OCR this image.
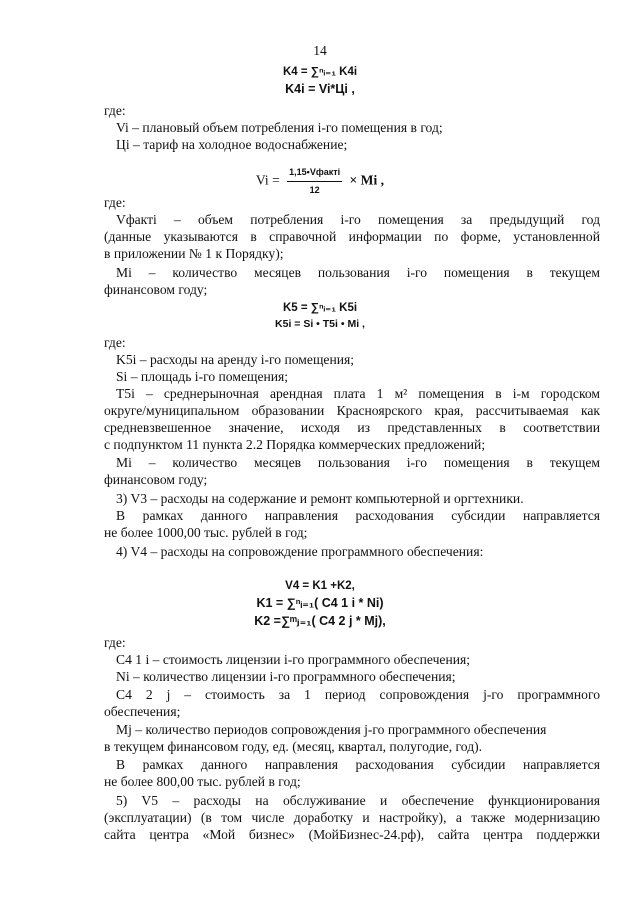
14
K4 = ∑ⁿᵢ₌₁ K4i
K4i = Vi*Цi ,
где:
Vi – плановый объем потребления i-го помещения в год;
Цi – тариф на холодное водоснабжение;
$Vi = \frac{\text{1,15•Vфактi}}{12} \times Mi$ ,
где:
Vфактi – объем потребления i-го помещения за предыдущий год
(данные указываются в справочной информации по форме, установленной
в приложении № 1 к Порядку);
Mi – количество месяцев пользования i-го помещения в текущем
финансовом году;
K5 = ∑ⁿᵢ₌₁ K5i
K5i = Si • T5i • Mi ,
где:
K5i – расходы на аренду i-го помещения;
Si – площадь i-го помещения;
T5i – среднерыночная арендная плата 1 м² помещения в i-м городском
округе/муниципальном образовании Красноярского края, рассчитываемая как
средневзвешенное значение, исходя из представленных в соответствии
с подпунктом 11 пункта 2.2 Порядка коммерческих предложений;
Mi – количество месяцев пользования i-го помещения в текущем
финансовом году;
3) V3 – расходы на содержание и ремонт компьютерной и оргтехники.
В рамках данного направления расходования субсидии направляется
не более 1000,00 тыс. рублей в год;
4) V4 – расходы на сопровождение программного обеспечения:
V4 = K1 +K2,
K1 = ∑ⁿᵢ₌₁( C4 1 i * Ni)
K2 =∑ᵐⱼ₌₁( C4 2 j * Mj),
где:
C4 1 i – стоимость лицензии i-го программного обеспечения;
Ni – количество лицензии i-го программного обеспечения;
C4 2 j – стоимость за 1 период сопровождения j-го программного
обеспечения;
Mj – количество периодов сопровождения j-го программного обеспечения
в текущем финансовом году, ед. (месяц, квартал, полугодие, год).
В рамках данного направления расходования субсидии направляется
не более 800,00 тыс. рублей в год;
5) V5 – расходы на обслуживание и обеспечение функционирования
(эксплуатации) (в том числе доработку и настройку), а также модернизацию
сайта центра «Мой бизнес» (МойБизнес-24.рф), сайта центра поддержки
